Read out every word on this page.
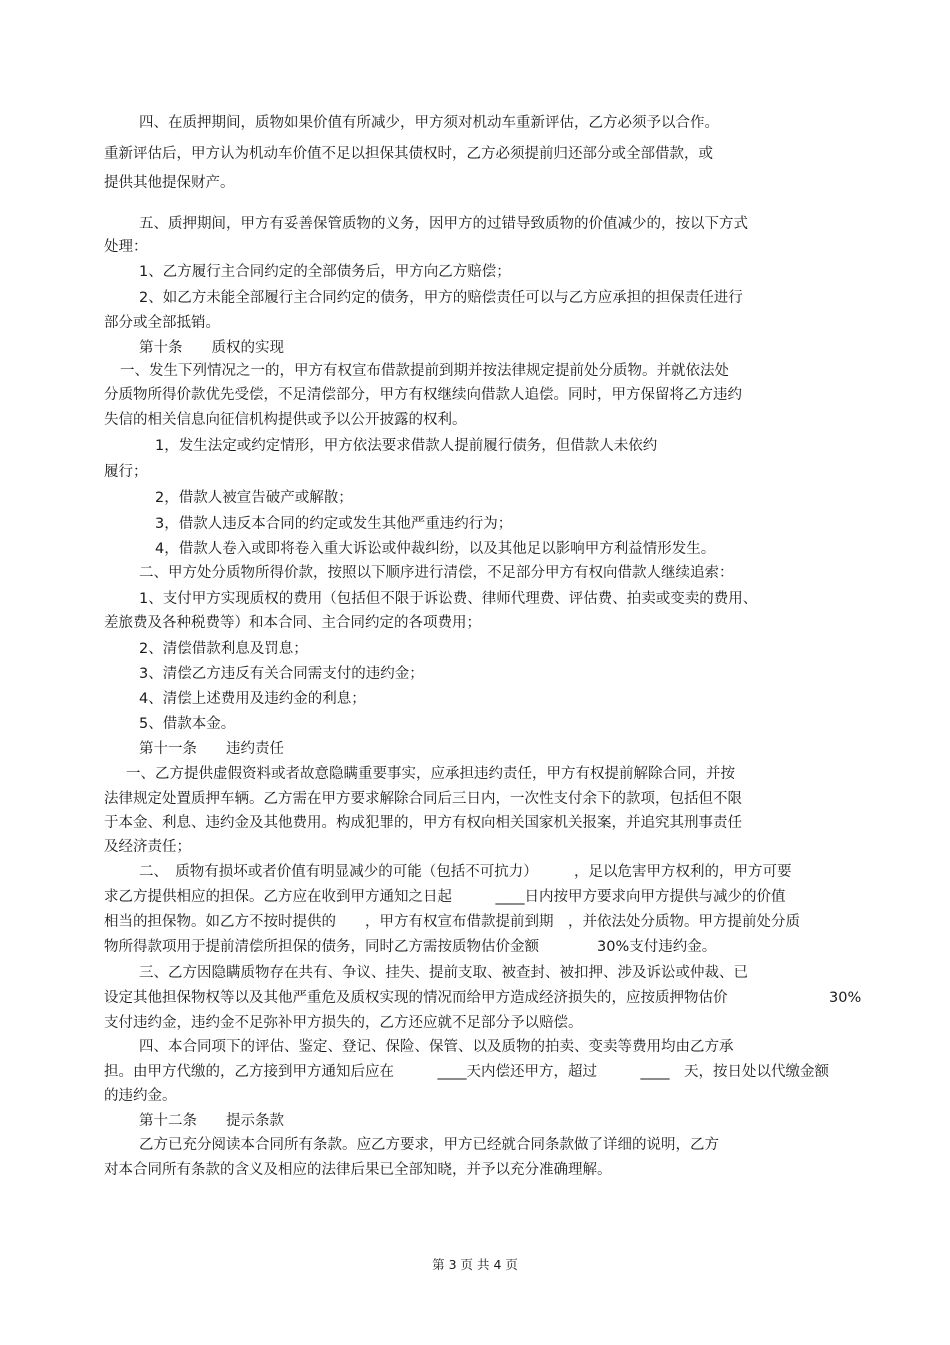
四、在质押期间，质物如果价值有所减少，甲方须对机动车重新评估，乙方必须予以合作。

重新评估后，甲方认为机动车价值不足以担保其债权时，乙方必须提前归还部分或全部借款，或

提供其他提保财产。

五、质押期间，甲方有妥善保管质物的义务，因甲方的过错导致质物的价值减少的，按以下方式

处理：

1、乙方履行主合同约定的全部债务后，甲方向乙方赔偿；

2、如乙方未能全部履行主合同约定的债务，甲方的赔偿责任可以与乙方应承担的担保责任进行

部分或全部抵销。

第十条　　质权的实现

一、发生下列情况之一的，甲方有权宣布借款提前到期并按法律规定提前处分质物。并就依法处

分质物所得价款优先受偿，不足清偿部分，甲方有权继续向借款人追偿。同时，甲方保留将乙方违约

失信的相关信息向征信机构提供或予以公开披露的权利。

1，发生法定或约定情形，甲方依法要求借款人提前履行债务，但借款人未依约

履行；

2，借款人被宣告破产或解散；

3，借款人违反本合同的约定或发生其他严重违约行为；

4，借款人卷入或即将卷入重大诉讼或仲裁纠纷，以及其他足以影响甲方利益情形发生。

二、甲方处分质物所得价款，按照以下顺序进行清偿，不足部分甲方有权向借款人继续追索：

1、支付甲方实现质权的费用（包括但不限于诉讼费、律师代理费、评估费、拍卖或变卖的费用、

差旅费及各种税费等）和本合同、主合同约定的各项费用；

2、清偿借款利息及罚息；

3、清偿乙方违反有关合同需支付的违约金；

4、清偿上述费用及违约金的利息；

5、借款本金。

第十一条　　违约责任

一、乙方提供虚假资料或者故意隐瞒重要事实，应承担违约责任，甲方有权提前解除合同，并按

法律规定处置质押车辆。乙方需在甲方要求解除合同后三日内，一次性支付余下的款项，包括但不限

于本金、利息、违约金及其他费用。构成犯罪的，甲方有权向相关国家机关报案，并追究其刑事责任

及经济责任；

二、　质物有损坏或者价值有明显减少的可能（包括不可抗力）　　　，足以危害甲方权利的，甲方可要

求乙方提供相应的担保。乙方应在收到甲方通知之日起　　　____日内按甲方要求向甲方提供与减少的价值

相当的担保物。如乙方不按时提供的　　，甲方有权宣布借款提前到期　，并依法处分质物。甲方提前处分质

物所得款项用于提前清偿所担保的债务，同时乙方需按质物估价金额　　　　30%支付违约金。

三、乙方因隐瞒质物存在共有、争议、挂失、提前支取、被查封、被扣押、涉及诉讼或仲裁、已

设定其他担保物权等以及其他严重危及质权实现的情况而给甲方造成经济损失的，应按质押物估价	30%

支付违约金，违约金不足弥补甲方损失的，乙方还应就不足部分予以赔偿。

四、本合同项下的评估、鉴定、登记、保险、保管、以及质物的拍卖、变卖等费用均由乙方承

担。由甲方代缴的，乙方接到甲方通知后应在　　　____天内偿还甲方，超过　　　____　天，按日处以代缴金额

的违约金。

第十二条　　提示条款

乙方已充分阅读本合同所有条款。应乙方要求，甲方已经就合同条款做了详细的说明，乙方

对本合同所有条款的含义及相应的法律后果已全部知晓，并予以充分准确理解。

第 3 页 共 4 页
